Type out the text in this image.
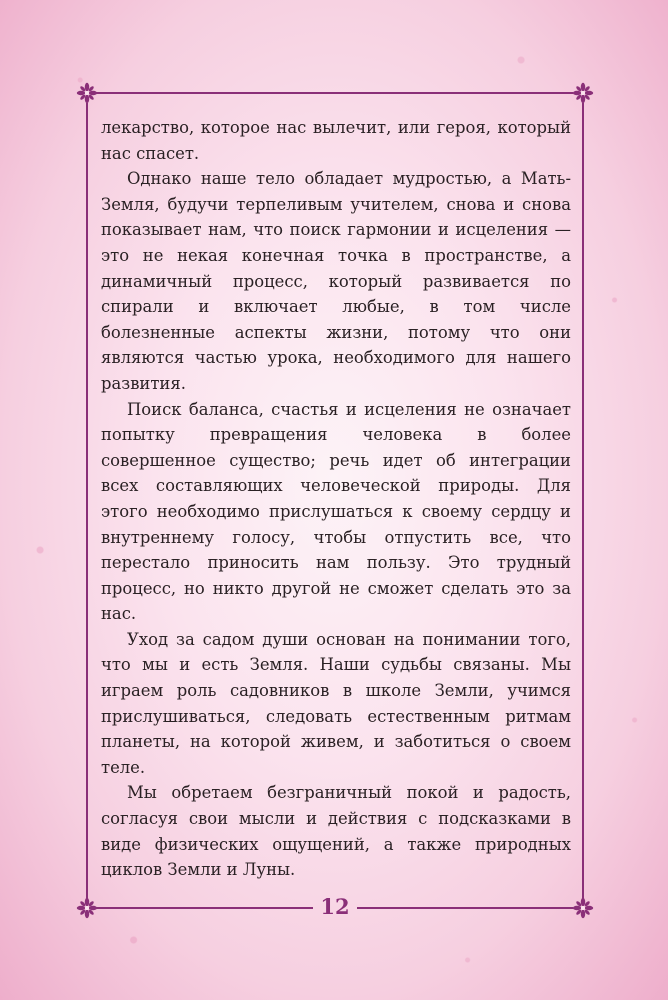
лекарство, которое нас вылечит, или героя, который нас спасет.

Однако наше тело обладает мудростью, а Мать-Земля, будучи терпеливым учителем, снова и снова показывает нам, что поиск гармонии и исцеления — это не некая конечная точка в пространстве, а динамичный процесс, который развивается по спирали и включает любые, в том числе болезненные аспекты жизни, потому что они являются частью урока, необходимого для нашего развития.

Поиск баланса, счастья и исцеления не означает попытку превращения человека в более совершенное существо; речь идет об интеграции всех составляющих человеческой природы. Для этого необходимо прислушаться к своему сердцу и внутреннему голосу, чтобы отпустить все, что перестало приносить нам пользу. Это трудный процесс, но никто другой не сможет сделать это за нас.

Уход за садом души основан на понимании того, что мы и есть Земля. Наши судьбы связаны. Мы играем роль садовников в школе Земли, учимся прислушиваться, следовать естественным ритмам планеты, на которой живем, и заботиться о своем теле.

Мы обретаем безграничный покой и радость, согласуя свои мысли и действия с подсказками в виде физических ощущений, а также природных циклов Земли и Луны.

12
